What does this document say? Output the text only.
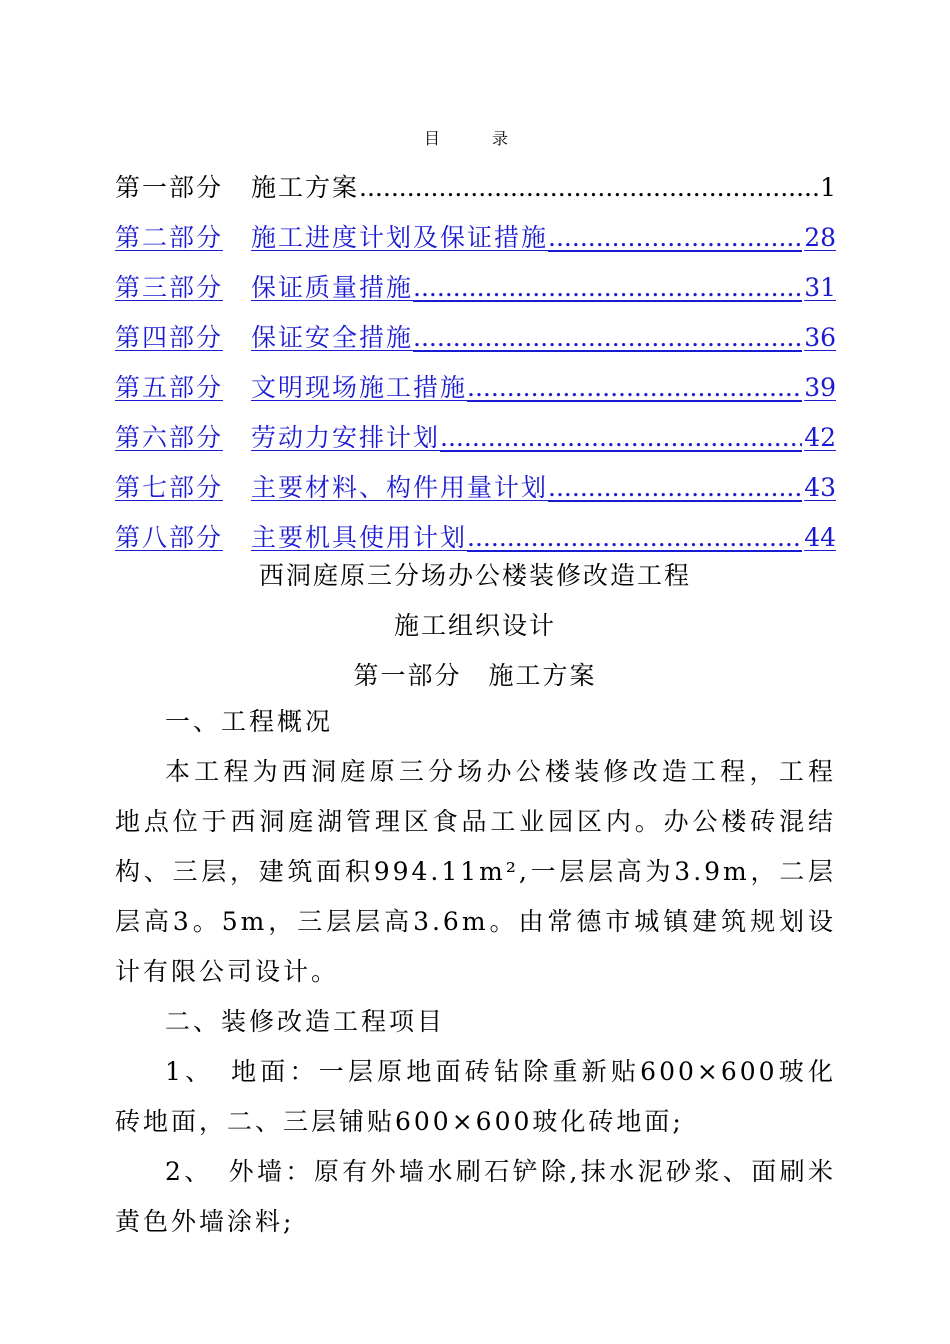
目　录
第一部分 施工方案 .....	1
第二部分 施工进度计划及保证措施 .....	28
第三部分 保证质量措施 .....	31
第四部分 保证安全措施 .....	36
第五部分 文明现场施工措施 .....	39
第六部分 劳动力安排计划 .....	42
第七部分 主要材料、构件用量计划 .....	43
第八部分 主要机具使用计划 .....	44
西洞庭原三分场办公楼装修改造工程
施工组织设计
第一部分　施工方案

一、工程概况

本工程为西洞庭原三分场办公楼装修改造工程，工程地点位于西洞庭湖管理区食品工业园区内。办公楼砖混结构、三层，建筑面积994.11m²,一层层高为3.9m，二层层高3。5m，三层层高3.6m。由常德市城镇建筑规划设计有限公司设计。

二、装修改造工程项目

1、　地面：一层原地面砖钻除重新贴600×600玻化砖地面，二、三层铺贴600×600玻化砖地面;

2、　外墙：原有外墙水刷石铲除,抹水泥砂浆、面刷米黄色外墙涂料;
